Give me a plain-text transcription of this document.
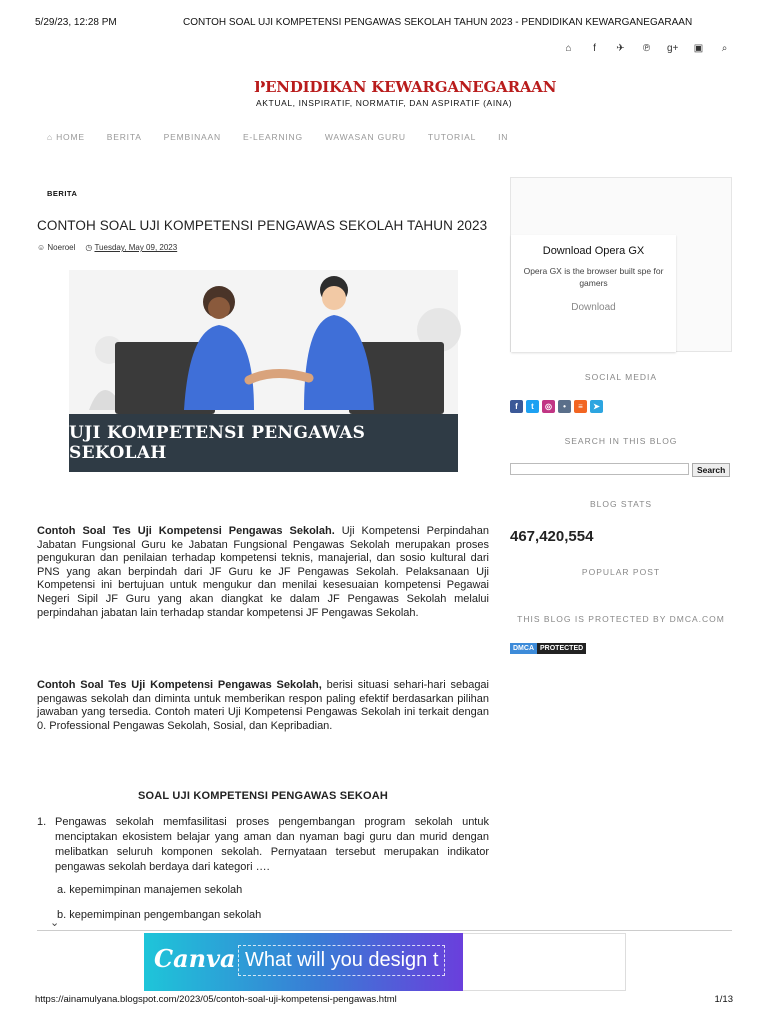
5/29/23, 12:28 PM	CONTOH SOAL UJI KOMPETENSI PENGAWAS SEKOLAH TAHUN 2023 - PENDIDIKAN KEWARGANEGARAAN
⌂	f	✈ ℗ g+ ▣ ⌕
PENDIDIKAN KEWARGANEGARAAN
AKTUAL, INSPIRATIF, NORMATIF, DAN ASPIRATIF (AINA)
⌂ HOME	BERITA	PEMBINAAN	E-LEARNING	WAWASAN GURU	TUTORIAL	IN
BERITA
CONTOH SOAL UJI KOMPETENSI PENGAWAS SEKOLAH TAHUN 2023
☺ Noeroel ◷ Tuesday, May 09, 2023
UJI KOMPETENSI PENGAWAS SEKOLAH
Contoh Soal Tes Uji Kompetensi Pengawas Sekolah. Uji Kompetensi Perpindahan Jabatan Fungsional Guru ke Jabatan Fungsional Pengawas Sekolah merupakan proses pengukuran dan penilaian terhadap kompetensi teknis, manajerial, dan sosio kultural dari PNS yang akan berpindah dari JF Guru ke JF Pengawas Sekolah. Pelaksanaan Uji Kompetensi ini bertujuan untuk mengukur dan menilai kesesuaian kompetensi Pegawai Negeri Sipil JF Guru yang akan diangkat ke dalam JF Pengawas Sekolah melalui perpindahan jabatan lain terhadap standar kompetensi JF Pengawas Sekolah.
Contoh Soal Tes Uji Kompetensi Pengawas Sekolah, berisi situasi sehari-hari sebagai pengawas sekolah dan diminta untuk memberikan respon paling efektif berdasarkan pilihan jawaban yang tersedia. Contoh materi Uji Kompetensi Pengawas Sekolah ini terkait dengan 0. Professional Pengawas Sekolah, Sosial, dan Kepribadian.
SOAL UJI KOMPETENSI PENGAWAS SEKOAH
1. Pengawas sekolah memfasilitasi proses pengembangan program sekolah untuk menciptakan ekosistem belajar yang aman dan nyaman bagi guru dan murid dengan melibatkan seluruh komponen sekolah. Pernyataan tersebut merupakan indikator pengawas sekolah berdaya dari kategori ….
a. kepemimpinan manajemen sekolah
b. kepemimpinan pengembangan sekolah
⌄
Canva What will you design t
Download Opera GX
Opera GX is the browser built spe for gamers
Download
SOCIAL MEDIA
f	t	◎	•	≡	➤
SEARCH IN THIS BLOG
Search
BLOG STATS
467,420,554
POPULAR POST
THIS BLOG IS PROTECTED BY DMCA.COM
DMCA PROTECTED
https://ainamulyana.blogspot.com/2023/05/contoh-soal-uji-kompetensi-pengawas.html	1/13
